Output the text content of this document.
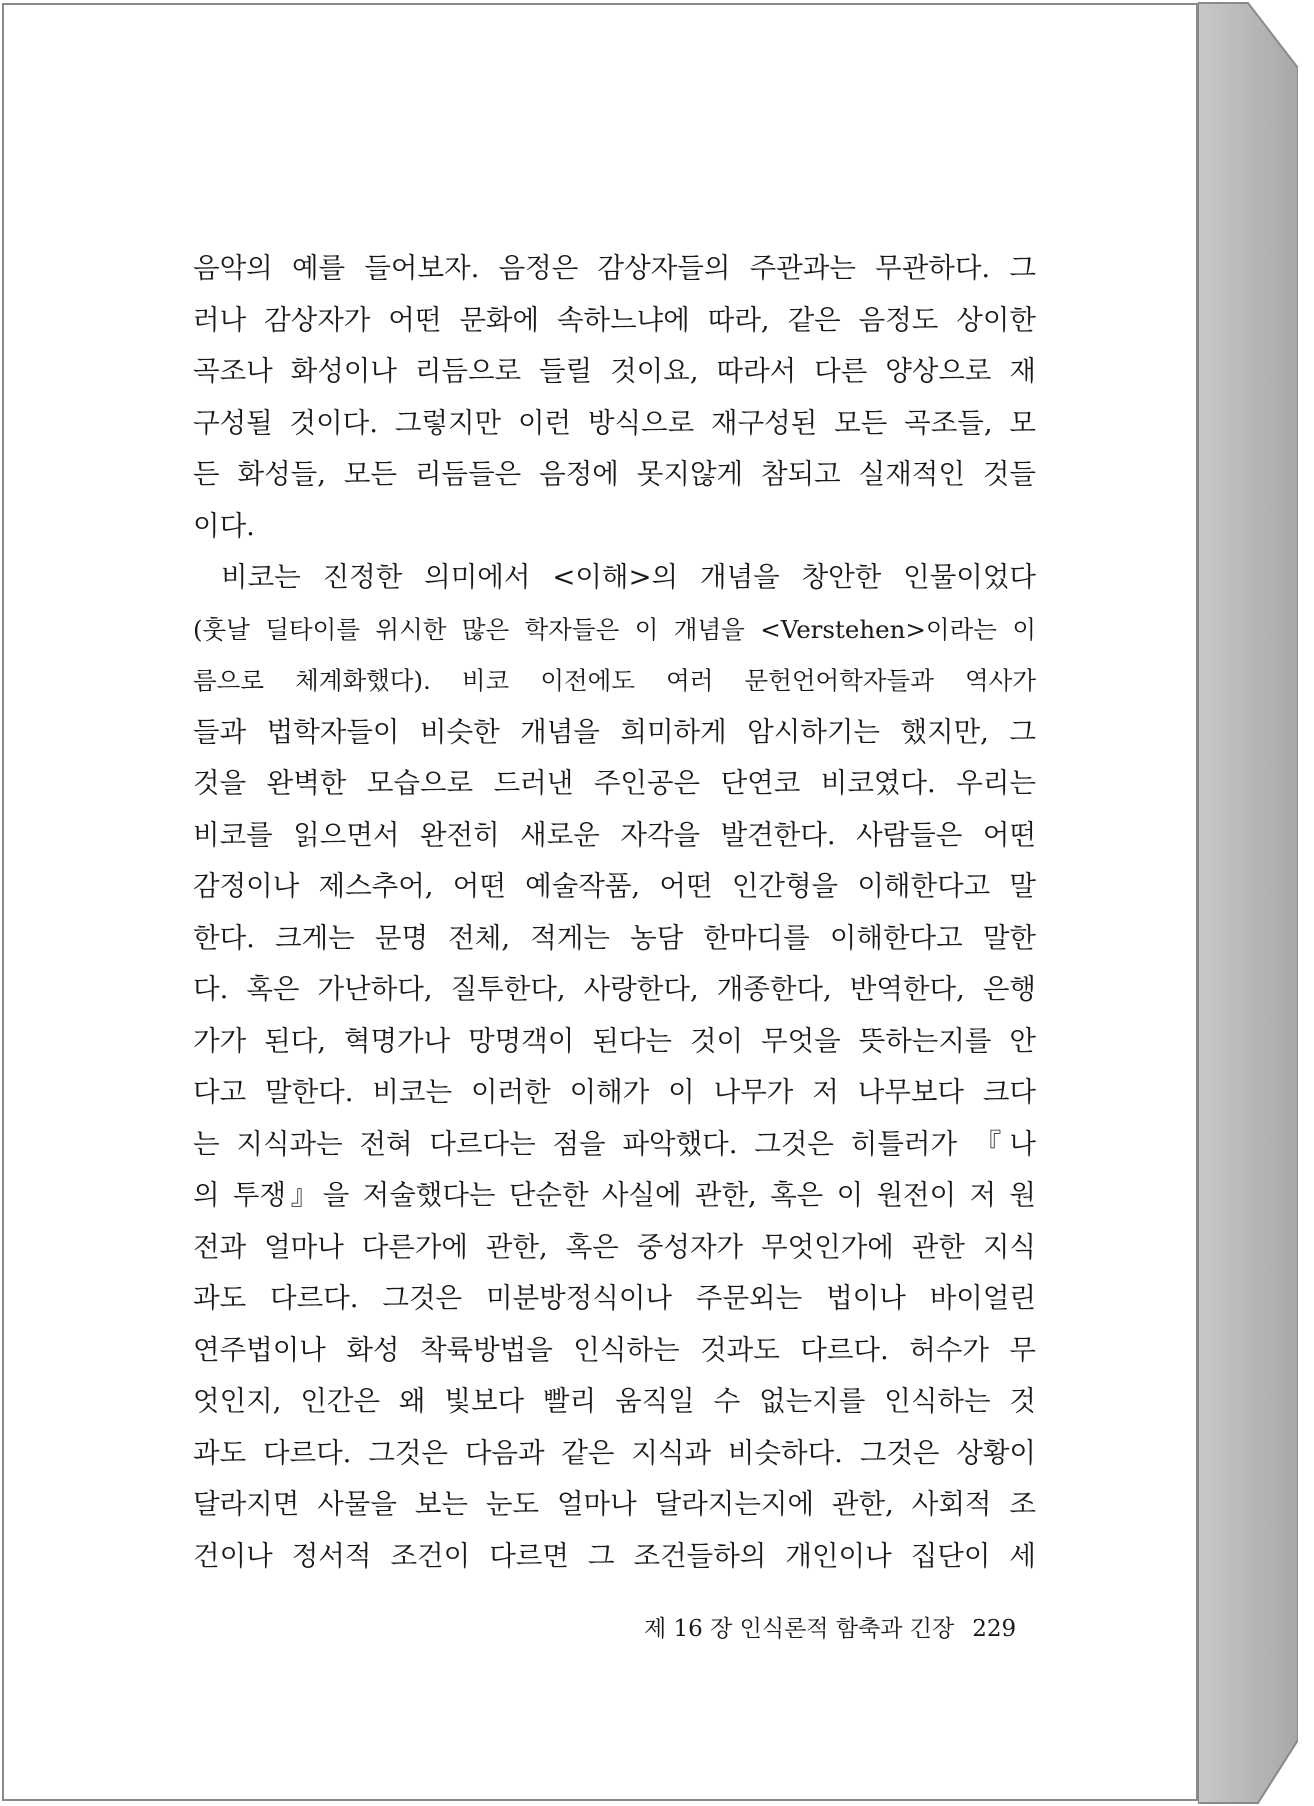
음악의 예를 들어보자. 음정은 감상자들의 주관과는 무관하다. 그
러나 감상자가 어떤 문화에 속하느냐에 따라, 같은 음정도 상이한
곡조나 화성이나 리듬으로 들릴 것이요, 따라서 다른 양상으로 재
구성될 것이다. 그렇지만 이런 방식으로 재구성된 모든 곡조들, 모
든 화성들, 모든 리듬들은 음정에 못지않게 참되고 실재적인 것들
이다.
비코는 진정한 의미에서 <이해>의 개념을 창안한 인물이었다
(훗날 딜타이를 위시한 많은 학자들은 이 개념을 <Verstehen>이라는 이
름으로 체계화했다). 비코 이전에도 여러 문헌언어학자들과 역사가
들과 법학자들이 비슷한 개념을 희미하게 암시하기는 했지만, 그
것을 완벽한 모습으로 드러낸 주인공은 단연코 비코였다. 우리는
비코를 읽으면서 완전히 새로운 자각을 발견한다. 사람들은 어떤
감정이나 제스추어, 어떤 예술작품, 어떤 인간형을 이해한다고 말
한다. 크게는 문명 전체, 적게는 농담 한마디를 이해한다고 말한
다. 혹은 가난하다, 질투한다, 사랑한다, 개종한다, 반역한다, 은행
가가 된다, 혁명가나 망명객이 된다는 것이 무엇을 뜻하는지를 안
다고 말한다. 비코는 이러한 이해가 이 나무가 저 나무보다 크다
는 지식과는 전혀 다르다는 점을 파악했다. 그것은 히틀러가 『나
의 투쟁』을 저술했다는 단순한 사실에 관한, 혹은 이 원전이 저 원
전과 얼마나 다른가에 관한, 혹은 중성자가 무엇인가에 관한 지식
과도 다르다. 그것은 미분방정식이나 주문외는 법이나 바이얼린
연주법이나 화성 착륙방법을 인식하는 것과도 다르다. 허수가 무
엇인지, 인간은 왜 빛보다 빨리 움직일 수 없는지를 인식하는 것
과도 다르다. 그것은 다음과 같은 지식과 비슷하다. 그것은 상황이
달라지면 사물을 보는 눈도 얼마나 달라지는지에 관한, 사회적 조
건이나 정서적 조건이 다르면 그 조건들하의 개인이나 집단이 세
제 16 장 인식론적 함축과 긴장 229
